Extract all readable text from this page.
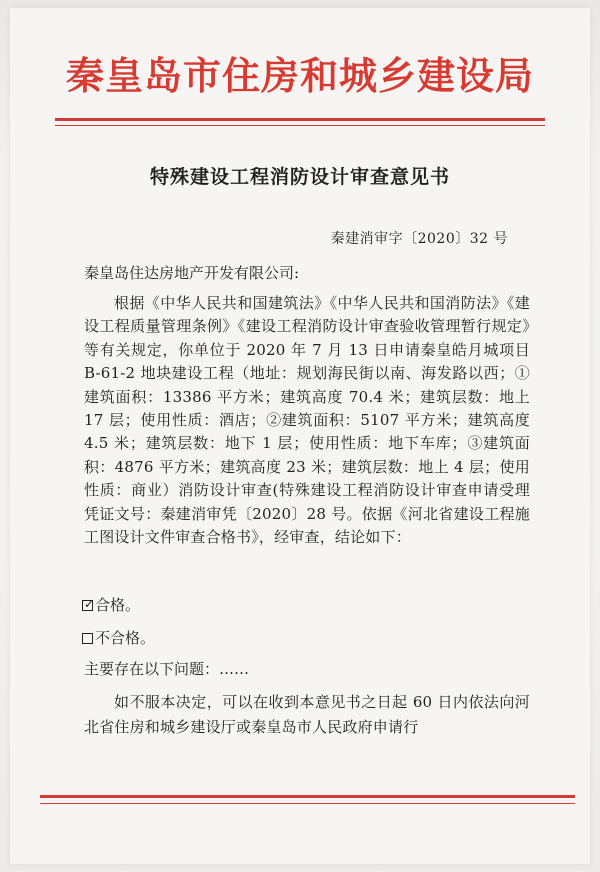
秦皇岛市住房和城乡建设局
特殊建设工程消防设计审查意见书
秦建消审字〔2020〕32 号
秦皇岛住达房地产开发有限公司:

根据《中华人民共和国建筑法》《中华人民共和国消防法》《建设工程质量管理条例》《建设工程消防设计审查验收管理暂行规定》等有关规定，你单位于 2020 年 7 月 13 日申请秦皇皓月城项目 B-61-2 地块建设工程（地址：规划海民街以南、海发路以西；①建筑面积：13386 平方米；建筑高度 70.4 米；建筑层数：地上 17 层；使用性质：酒店；②建筑面积：5107 平方米；建筑高度 4.5 米；建筑层数：地下 1 层；使用性质：地下车库；③建筑面积：4876 平方米；建筑高度 23 米；建筑层数：地上 4 层；使用性质：商业）消防设计审查(特殊建设工程消防设计审查申请受理凭证文号：秦建消审凭〔2020〕28 号。依据《河北省建设工程施工图设计文件审查合格书》，经审查，结论如下：

✓ 合格。
不合格。
主要存在以下问题：……

如不服本决定，可以在收到本意见书之日起 60 日内依法向河北省住房和城乡建设厅或秦皇岛市人民政府申请行
